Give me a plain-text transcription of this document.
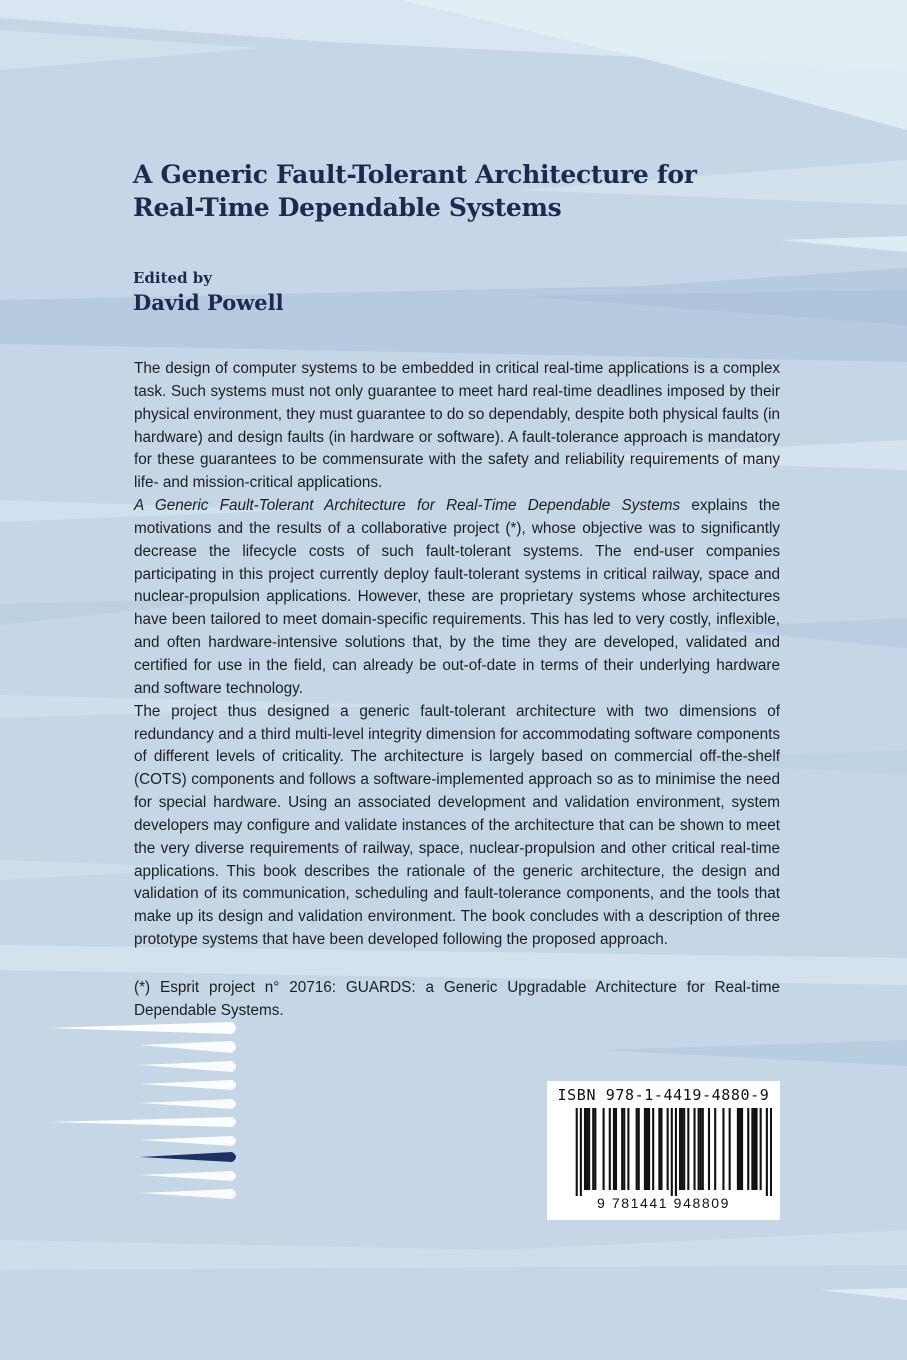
A Generic Fault-Tolerant Architecture for
Real-Time Dependable Systems
Edited by
David Powell

The design of computer systems to be embedded in critical real-time applications is a complex task. Such systems must not only guarantee to meet hard real-time deadlines imposed by their physical environment, they must guarantee to do so dependably, despite both physical faults (in hardware) and design faults (in hardware or software). A fault-tolerance approach is mandatory for these guarantees to be commensurate with the safety and reliability requirements of many life- and mission-critical applications.

A Generic Fault-Tolerant Architecture for Real-Time Dependable Systems explains the motivations and the results of a collaborative project (*), whose objective was to significantly decrease the lifecycle costs of such fault-tolerant systems. The end-user companies participating in this project currently deploy fault-tolerant systems in critical railway, space and nuclear-propulsion applications. However, these are proprietary systems whose architectures have been tailored to meet domain-specific requirements. This has led to very costly, inflexible, and often hardware-intensive solutions that, by the time they are developed, validated and certified for use in the field, can already be out-of-date in terms of their underlying hardware and software technology.

The project thus designed a generic fault-tolerant architecture with two dimensions of redundancy and a third multi-level integrity dimension for accommodating software components of different levels of criticality. The architecture is largely based on commercial off-the-shelf (COTS) components and follows a software-implemented approach so as to minimise the need for special hardware. Using an associated development and validation environment, system developers may configure and validate instances of the architecture that can be shown to meet the very diverse requirements of railway, space, nuclear-propulsion and other critical real-time applications. This book describes the rationale of the generic architecture, the design and validation of its communication, scheduling and fault-tolerance components, and the tools that make up its design and validation environment. The book concludes with a description of three prototype systems that have been developed following the proposed approach.

(*) Esprit project n° 20716: GUARDS: a Generic Upgradable Architecture for Real-time Dependable Systems.

ISBN 978-1-4419-4880-9
9 781441 948809
